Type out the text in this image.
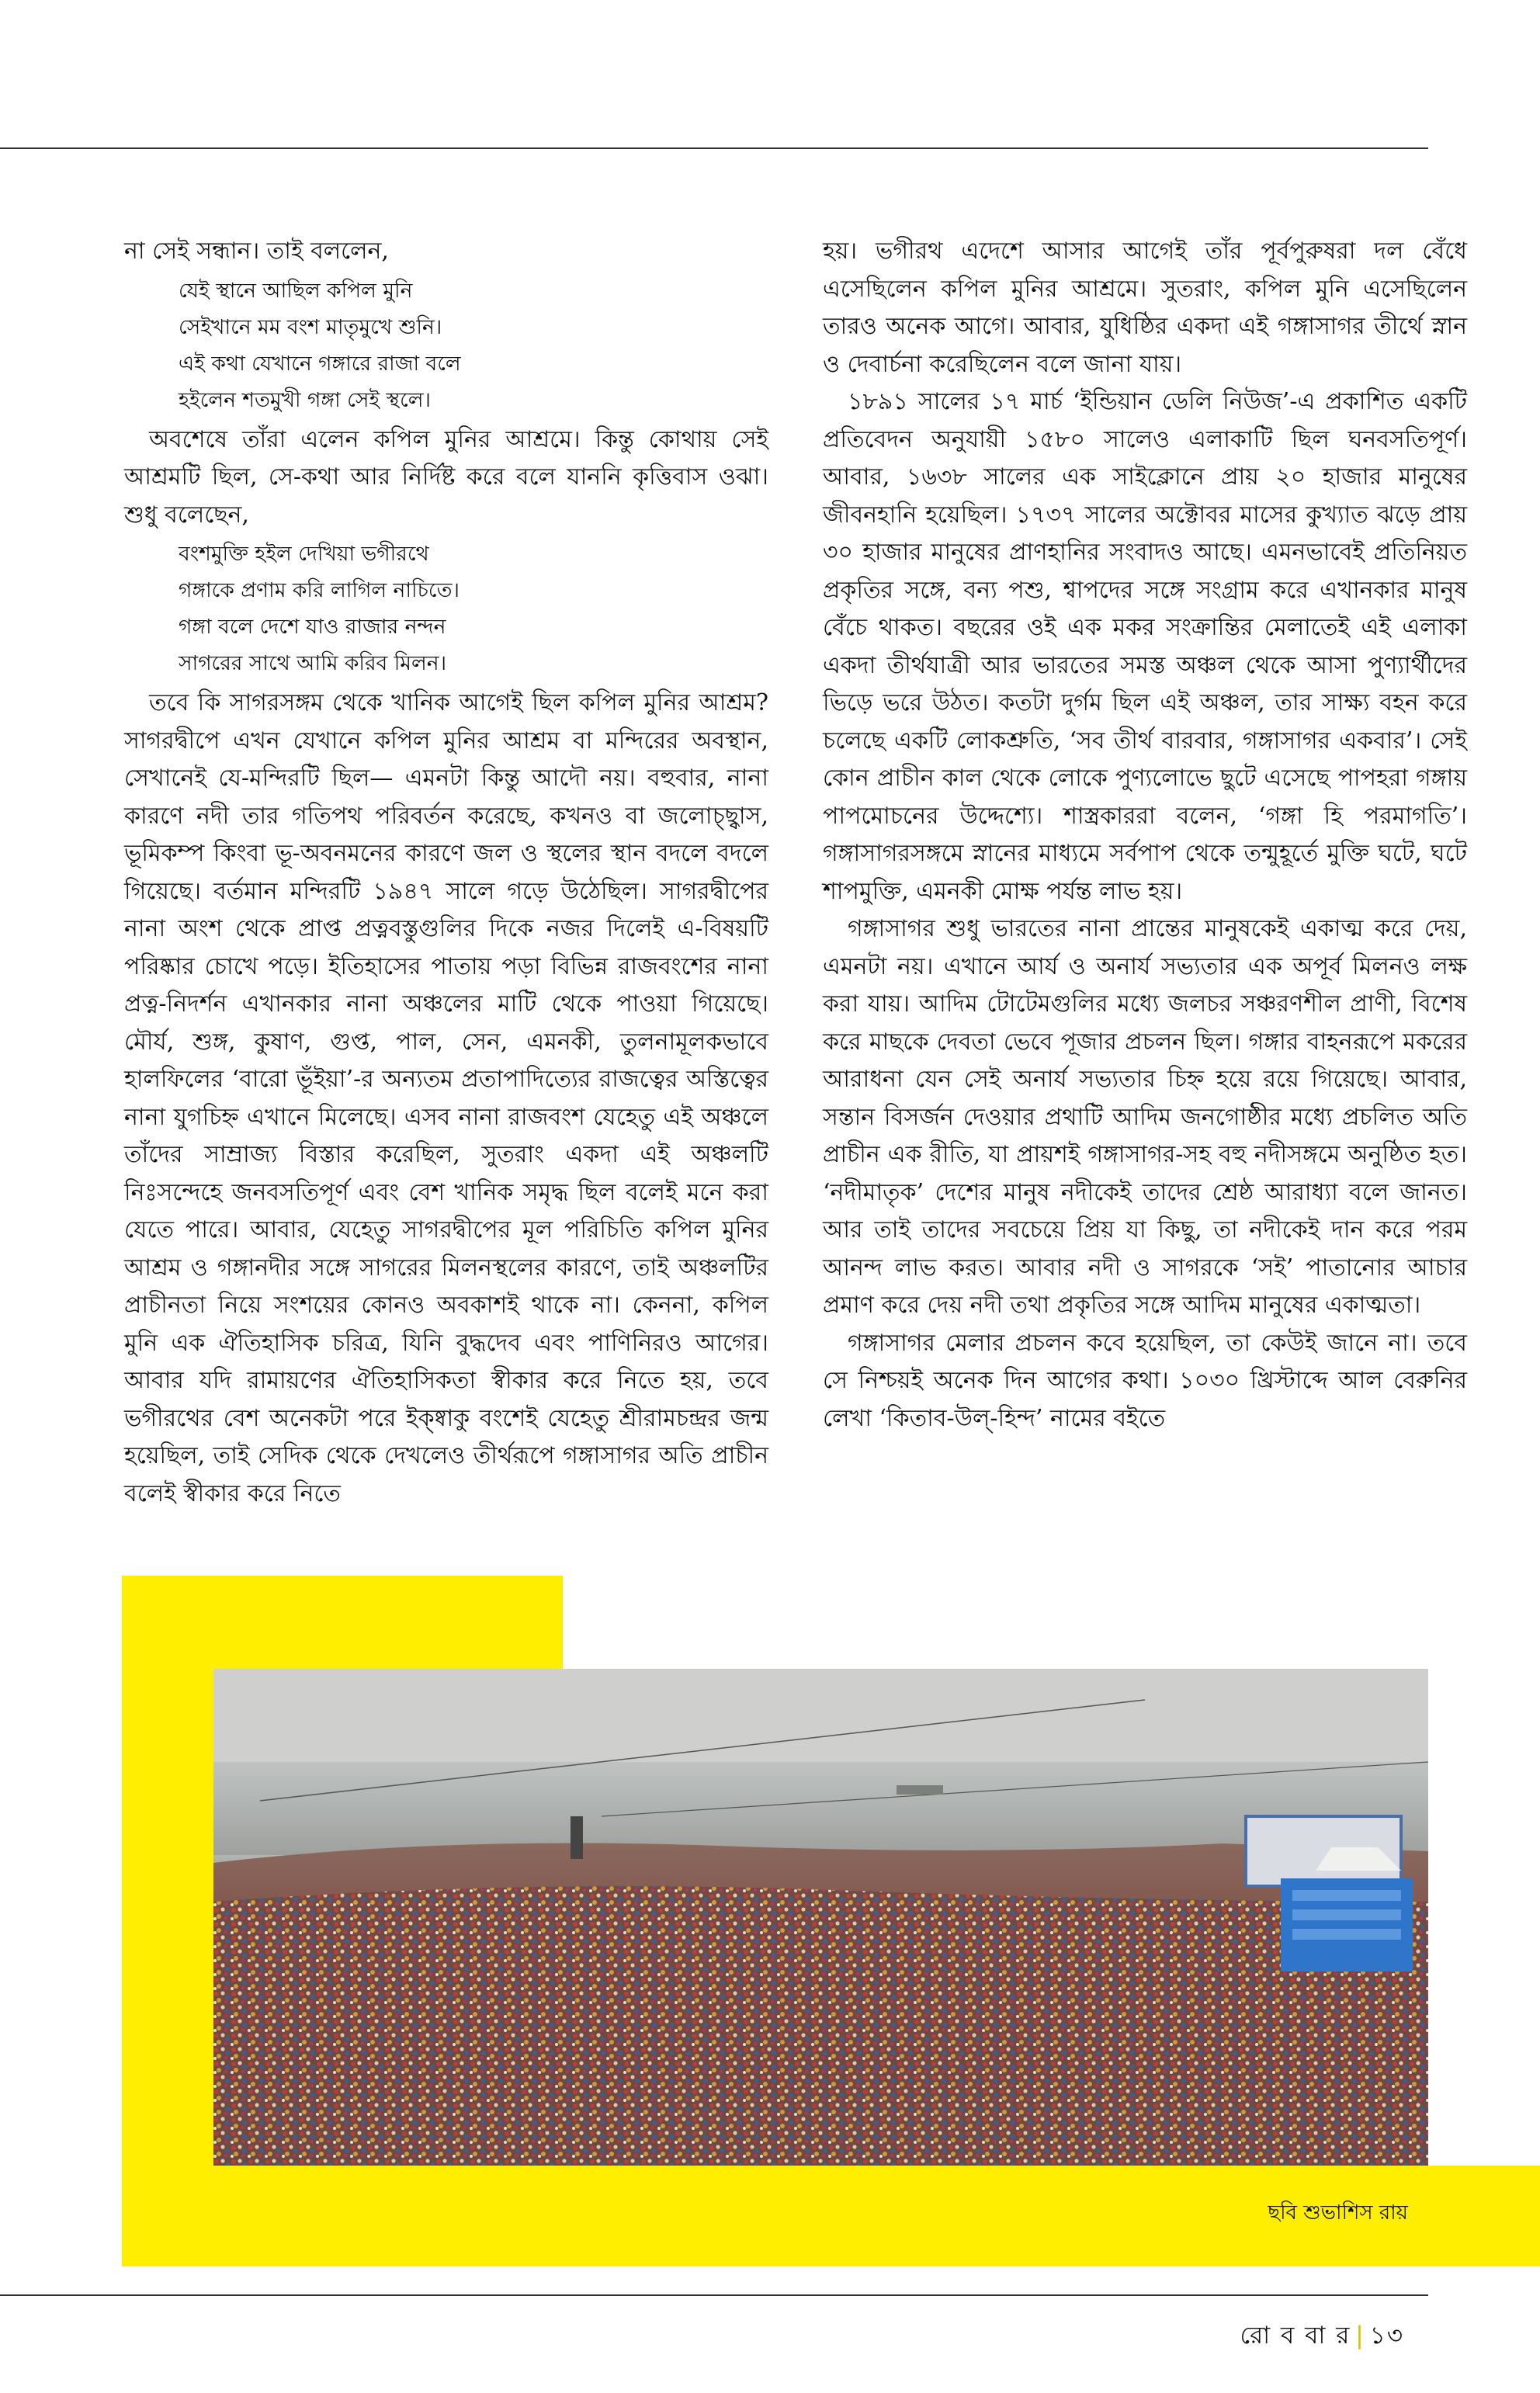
না সেই সন্ধান। তাই বললেন,

যেই স্থানে আছিল কপিল মুনি
সেইখানে মম বংশ মাতৃমুখে শুনি।
এই কথা যেখানে গঙ্গারে রাজা বলে
হইলেন শতমুখী গঙ্গা সেই স্থলে।

অবশেষে তাঁরা এলেন কপিল মুনির আশ্রমে। কিন্তু কোথায় সেই আশ্রমটি ছিল, সে-কথা আর নির্দিষ্ট করে বলে যাননি কৃত্তিবাস ওঝা। শুধু বলেছেন,

বংশমুক্তি হইল দেখিয়া ভগীরথে
গঙ্গাকে প্রণাম করি লাগিল নাচিতে।
গঙ্গা বলে দেশে যাও রাজার নন্দন
সাগরের সাথে আমি করিব মিলন।

তবে কি সাগরসঙ্গম থেকে খানিক আগেই ছিল কপিল মুনির আশ্রম? সাগরদ্বীপে এখন যেখানে কপিল মুনির আশ্রম বা মন্দিরের অবস্থান, সেখানেই যে-মন্দিরটি ছিল— এমনটা কিন্তু আদৌ নয়। বহুবার, নানা কারণে নদী তার গতিপথ পরিবর্তন করেছে, কখনও বা জলোচ্ছ্বাস, ভূমিকম্প কিংবা ভূ-অবনমনের কারণে জল ও স্থলের স্থান বদলে বদলে গিয়েছে। বর্তমান মন্দিরটি ১৯৪৭ সালে গড়ে উঠেছিল। সাগরদ্বীপের নানা অংশ থেকে প্রাপ্ত প্রত্নবস্তুগুলির দিকে নজর দিলেই এ-বিষয়টি পরিষ্কার চোখে পড়ে। ইতিহাসের পাতায় পড়া বিভিন্ন রাজবংশের নানা প্রত্ন-নিদর্শন এখানকার নানা অঞ্চলের মাটি থেকে পাওয়া গিয়েছে। মৌর্য, শুঙ্গ, কুষাণ, গুপ্ত, পাল, সেন, এমনকী, তুলনামূলকভাবে হালফিলের ‘বারো ভূঁইয়া’-র অন্যতম প্রতাপাদিত্যের রাজত্বের অস্তিত্বের নানা যুগচিহ্ন এখানে মিলেছে। এসব নানা রাজবংশ যেহেতু এই অঞ্চলে তাঁদের সাম্রাজ্য বিস্তার করেছিল, সুতরাং একদা এই অঞ্চলটি নিঃসন্দেহে জনবসতিপূর্ণ এবং বেশ খানিক সমৃদ্ধ ছিল বলেই মনে করা যেতে পারে। আবার, যেহেতু সাগরদ্বীপের মূল পরিচিতি কপিল মুনির আশ্রম ও গঙ্গানদীর সঙ্গে সাগরের মিলনস্থলের কারণে, তাই অঞ্চলটির প্রাচীনতা নিয়ে সংশয়ের কোনও অবকাশই থাকে না। কেননা, কপিল মুনি এক ঐতিহাসিক চরিত্র, যিনি বুদ্ধদেব এবং পাণিনিরও আগের। আবার যদি রামায়ণের ঐতিহাসিকতা স্বীকার করে নিতে হয়, তবে ভগীরথের বেশ অনেকটা পরে ইক্ষ্বাকু বংশেই যেহেতু শ্রীরামচন্দ্রর জন্ম হয়েছিল, তাই সেদিক থেকে দেখলেও তীর্থরূপে গঙ্গাসাগর অতি প্রাচীন বলেই স্বীকার করে নিতে

হয়। ভগীরথ এদেশে আসার আগেই তাঁর পূর্বপুরুষরা দল বেঁধে এসেছিলেন কপিল মুনির আশ্রমে। সুতরাং, কপিল মুনি এসেছিলেন তারও অনেক আগে। আবার, যুধিষ্ঠির একদা এই গঙ্গাসাগর তীর্থে স্নান ও দেবার্চনা করেছিলেন বলে জানা যায়।

১৮৯১ সালের ১৭ মার্চ ‘ইন্ডিয়ান ডেলি নিউজ’-এ প্রকাশিত একটি প্রতিবেদন অনুযায়ী ১৫৮০ সালেও এলাকাটি ছিল ঘনবসতিপূর্ণ। আবার, ১৬৩৮ সালের এক সাইক্লোনে প্রায় ২০ হাজার মানুষের জীবনহানি হয়েছিল। ১৭৩৭ সালের অক্টোবর মাসের কুখ্যাত ঝড়ে প্রায় ৩০ হাজার মানুষের প্রাণহানির সংবাদও আছে। এমনভাবেই প্রতিনিয়ত প্রকৃতির সঙ্গে, বন্য পশু, শ্বাপদের সঙ্গে সংগ্রাম করে এখানকার মানুষ বেঁচে থাকত। বছরের ওই এক মকর সংক্রান্তির মেলাতেই এই এলাকা একদা তীর্থযাত্রী আর ভারতের সমস্ত অঞ্চল থেকে আসা পুণ্যার্থীদের ভিড়ে ভরে উঠত। কতটা দুর্গম ছিল এই অঞ্চল, তার সাক্ষ্য বহন করে চলেছে একটি লোকশ্রুতি, ‘সব তীর্থ বারবার, গঙ্গাসাগর একবার’। সেই কোন প্রাচীন কাল থেকে লোকে পুণ্যলোভে ছুটে এসেছে পাপহরা গঙ্গায় পাপমোচনের উদ্দেশ্যে। শাস্ত্রকাররা বলেন, ‘গঙ্গা হি পরমাগতি’। গঙ্গাসাগরসঙ্গমে স্নানের মাধ্যমে সর্বপাপ থেকে তন্মুহূর্তে মুক্তি ঘটে, ঘটে শাপমুক্তি, এমনকী মোক্ষ পর্যন্ত লাভ হয়।

গঙ্গাসাগর শুধু ভারতের নানা প্রান্তের মানুষকেই একাত্ম করে দেয়, এমনটা নয়। এখানে আর্য ও অনার্য সভ্যতার এক অপূর্ব মিলনও লক্ষ করা যায়। আদিম টোটেমগুলির মধ্যে জলচর সঞ্চরণশীল প্রাণী, বিশেষ করে মাছকে দেবতা ভেবে পূজার প্রচলন ছিল। গঙ্গার বাহনরূপে মকরের আরাধনা যেন সেই অনার্য সভ্যতার চিহ্ন হয়ে রয়ে গিয়েছে। আবার, সন্তান বিসর্জন দেওয়ার প্রথাটি আদিম জনগোষ্ঠীর মধ্যে প্রচলিত অতি প্রাচীন এক রীতি, যা প্রায়শই গঙ্গাসাগর-সহ বহু নদীসঙ্গমে অনুষ্ঠিত হত। ‘নদীমাতৃক’ দেশের মানুষ নদীকেই তাদের শ্রেষ্ঠ আরাধ্যা বলে জানত। আর তাই তাদের সবচেয়ে প্রিয় যা কিছু, তা নদীকেই দান করে পরম আনন্দ লাভ করত। আবার নদী ও সাগরকে ‘সই’ পাতানোর আচার প্রমাণ করে দেয় নদী তথা প্রকৃতির সঙ্গে আদিম মানুষের একাত্মতা।

গঙ্গাসাগর মেলার প্রচলন কবে হয়েছিল, তা কেউই জানে না। তবে সে নিশ্চয়ই অনেক দিন আগের কথা। ১০৩০ খ্রিস্টাব্দে আল বেরুনির লেখা ‘কিতাব-উল্-হিন্দ’ নামের বইতে

ছবি শুভাশিস রায়
রো ব বা র | ১৩
